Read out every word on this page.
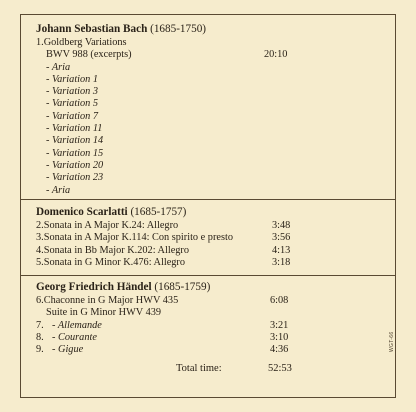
Johann Sebastian Bach (1685-1750)
1.Goldberg Variations
BWV 988 (excerpts)	20:10
- Aria
- Variation 1
- Variation 3
- Variation 5
- Variation 7
- Variation 11
- Variation 14
- Variation 15
- Variation 20
- Variation 23
- Aria
Domenico Scarlatti (1685-1757)
2.Sonata in A Major K.24: Allegro	3:48
3.Sonata in A Major K.114: Con spirito e presto	3:56
4.Sonata in Bb Major K.202: Allegro	4:13
5.Sonata in G Minor K.476: Allegro	3:18
Georg Friedrich Händel (1685-1759)
6.Chaconne in G Major HWV 435	6:08
Suite in G Minor HWV 439
7. - Allemande	3:21
8. - Courante	3:10
9. - Gigue	4:36
Total time:	52:53
WGT-66
